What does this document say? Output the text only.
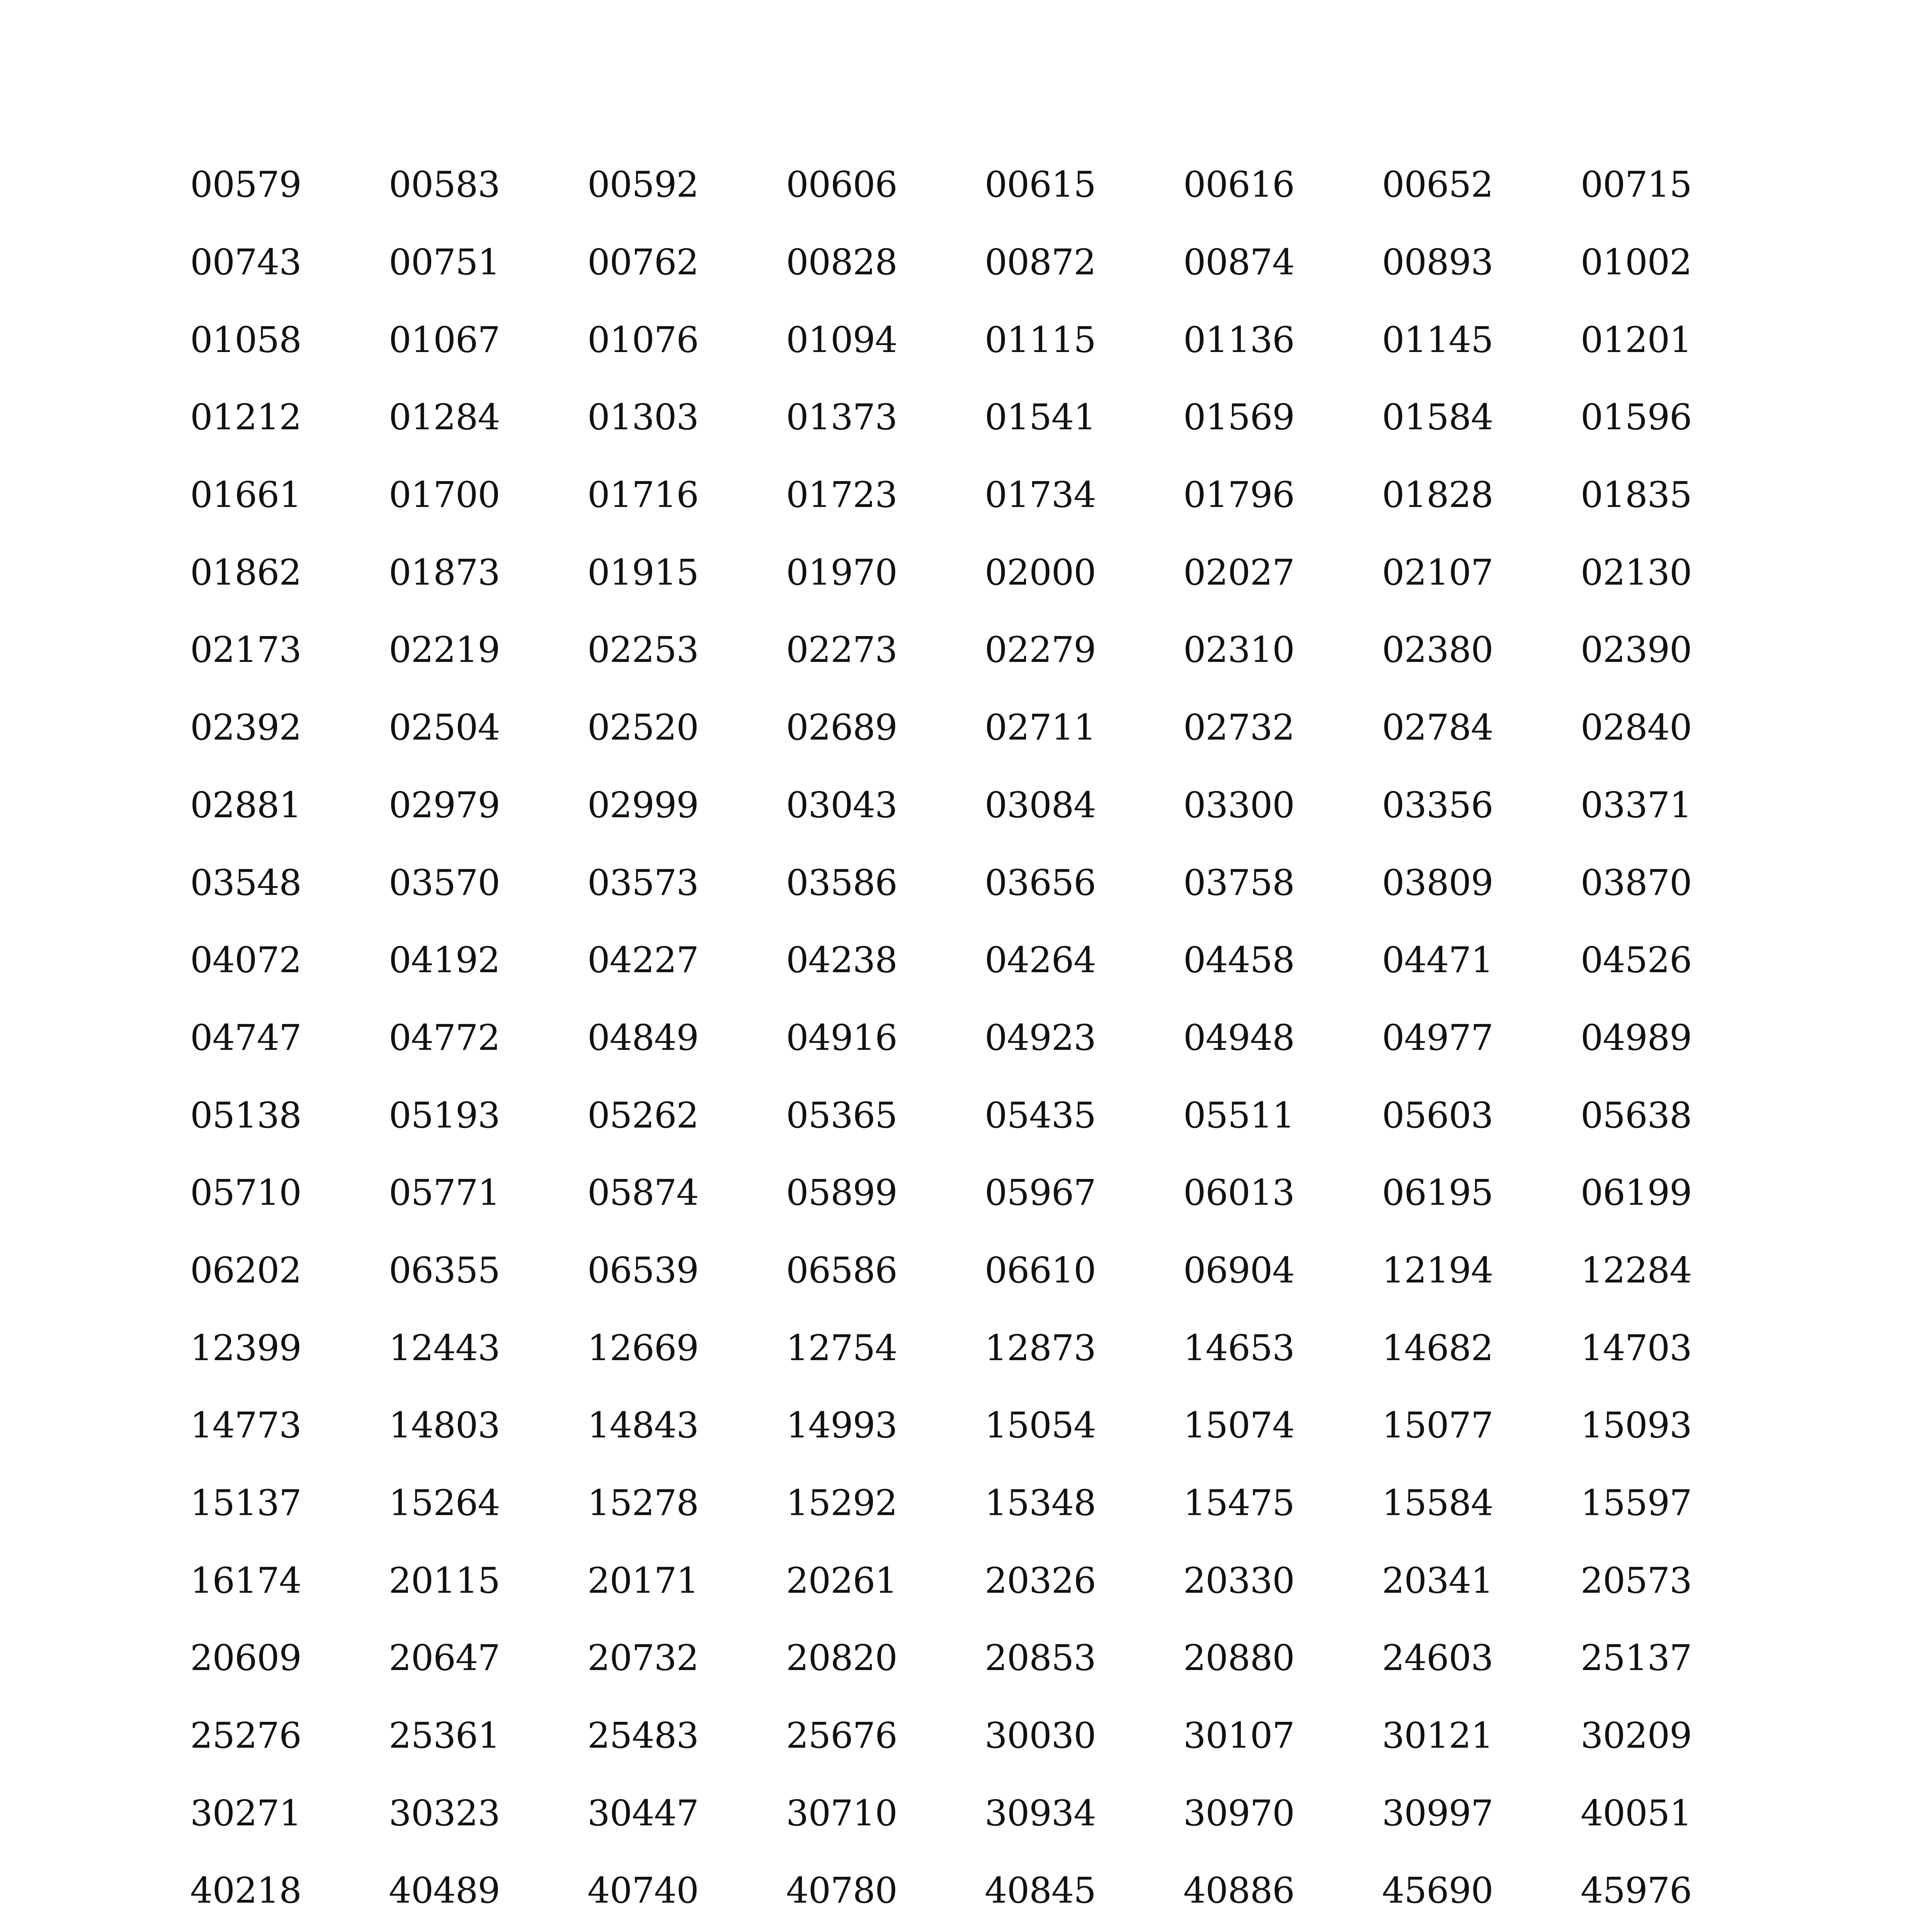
00579	00583	00592	00606	00615	00616	00652	00715
00743	00751	00762	00828	00872	00874	00893	01002
01058	01067	01076	01094	01115	01136	01145	01201
01212	01284	01303	01373	01541	01569	01584	01596
01661	01700	01716	01723	01734	01796	01828	01835
01862	01873	01915	01970	02000	02027	02107	02130
02173	02219	02253	02273	02279	02310	02380	02390
02392	02504	02520	02689	02711	02732	02784	02840
02881	02979	02999	03043	03084	03300	03356	03371
03548	03570	03573	03586	03656	03758	03809	03870
04072	04192	04227	04238	04264	04458	04471	04526
04747	04772	04849	04916	04923	04948	04977	04989
05138	05193	05262	05365	05435	05511	05603	05638
05710	05771	05874	05899	05967	06013	06195	06199
06202	06355	06539	06586	06610	06904	12194	12284
12399	12443	12669	12754	12873	14653	14682	14703
14773	14803	14843	14993	15054	15074	15077	15093
15137	15264	15278	15292	15348	15475	15584	15597
16174	20115	20171	20261	20326	20330	20341	20573
20609	20647	20732	20820	20853	20880	24603	25137
25276	25361	25483	25676	30030	30107	30121	30209
30271	30323	30447	30710	30934	30970	30997	40051
40218	40489	40740	40780	40845	40886	45690	45976
